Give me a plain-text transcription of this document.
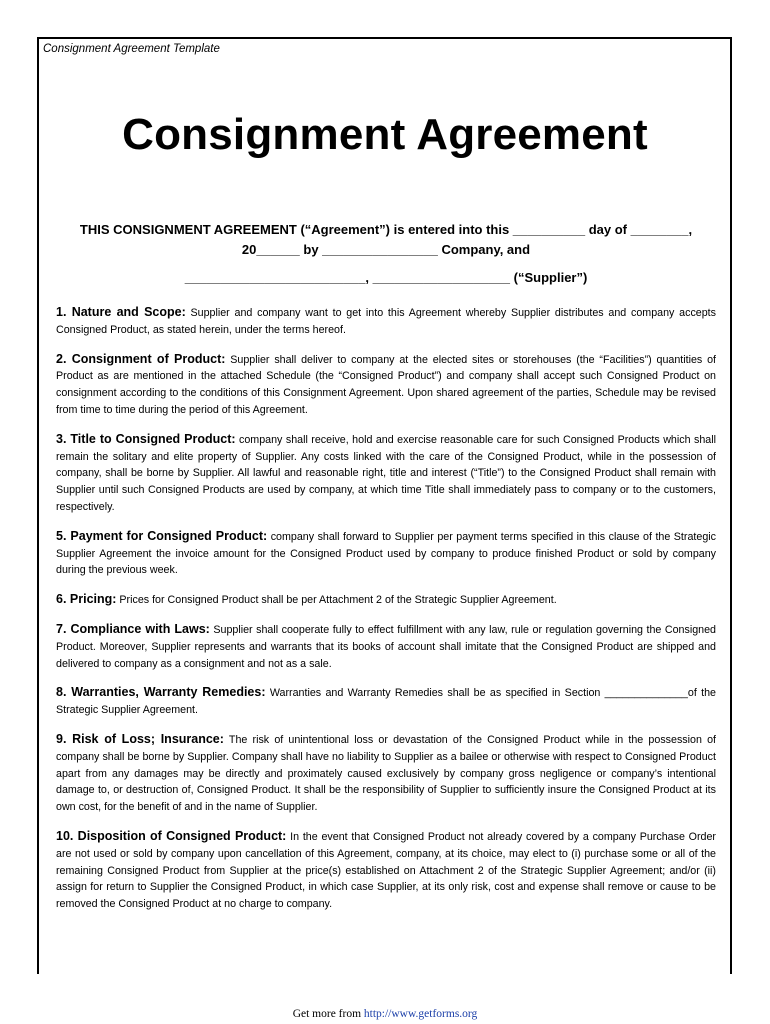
Consignment Agreement Template
Consignment Agreement
THIS CONSIGNMENT AGREEMENT (“Agreement”) is entered into this __________ day of ________,
20______ by ________________ Company, and
_________________________, ___________________ (“Supplier”)

1. Nature and Scope: Supplier and company want to get into this Agreement whereby Supplier distributes and company accepts Consigned Product, as stated herein, under the terms hereof.

2. Consignment of Product: Supplier shall deliver to company at the elected sites or storehouses (the “Facilities”) quantities of Product as are mentioned in the attached Schedule (the “Consigned Product”) and company shall accept such Consigned Product on consignment according to the conditions of this Consignment Agreement. Upon shared agreement of the parties, Schedule may be revised from time to time during the period of this Agreement.

3. Title to Consigned Product: company shall receive, hold and exercise reasonable care for such Consigned Products which shall remain the solitary and elite property of Supplier. Any costs linked with the care of the Consigned Product, while in the possession of company, shall be borne by Supplier. All lawful and reasonable right, title and interest (“Title”) to the Consigned Product shall remain with Supplier until such Consigned Products are used by company, at which time Title shall immediately pass to company or to the customers, respectively.

5. Payment for Consigned Product: company shall forward to Supplier per payment terms specified in this clause of the Strategic Supplier Agreement the invoice amount for the Consigned Product used by company to produce finished Product or sold by company during the previous week.

6. Pricing: Prices for Consigned Product shall be per Attachment 2 of the Strategic Supplier Agreement.

7. Compliance with Laws: Supplier shall cooperate fully to effect fulfillment with any law, rule or regulation governing the Consigned Product. Moreover, Supplier represents and warrants that its books of account shall imitate that the Consigned Product are shipped and delivered to company as a consignment and not as a sale.

8. Warranties, Warranty Remedies: Warranties and Warranty Remedies shall be as specified in Section ______________of the Strategic Supplier Agreement.

9. Risk of Loss; Insurance: The risk of unintentional loss or devastation of the Consigned Product while in the possession of company shall be borne by Supplier. Company shall have no liability to Supplier as a bailee or otherwise with respect to Consigned Product apart from any damages may be directly and proximately caused exclusively by company gross negligence or company’s intentional damage to, or destruction of, Consigned Product. It shall be the responsibility of Supplier to sufficiently insure the Consigned Product at its own cost, for the benefit of and in the name of Supplier.

10. Disposition of Consigned Product: In the event that Consigned Product not already covered by a company Purchase Order are not used or sold by company upon cancellation of this Agreement, company, at its choice, may elect to (i) purchase some or all of the remaining Consigned Product from Supplier at the price(s) established on Attachment 2 of the Strategic Supplier Agreement; and/or (ii) assign for return to Supplier the Consigned Product, in which case Supplier, at its only risk, cost and expense shall remove or cause to be removed the Consigned Product at no charge to company.

Get more from http://www.getforms.org
